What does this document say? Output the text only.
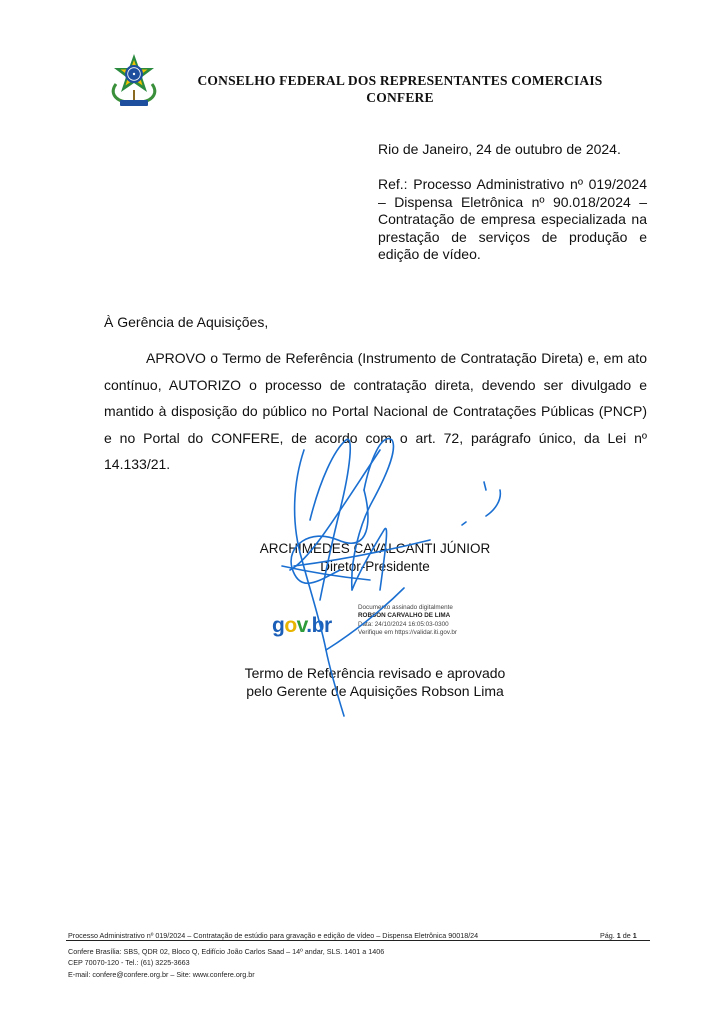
CONSELHO FEDERAL DOS REPRESENTANTES COMERCIAIS
CONFERE
Rio de Janeiro, 24 de outubro de 2024.
Ref.: Processo Administrativo nº 019/2024 – Dispensa Eletrônica nº 90.018/2024 – Contratação de empresa especializada na prestação de serviços de produção e edição de vídeo.
À Gerência de Aquisições,
APROVO o Termo de Referência (Instrumento de Contratação Direta) e, em ato contínuo, AUTORIZO o processo de contratação direta, devendo ser divulgado e mantido à disposição do público no Portal Nacional de Contratações Públicas (PNCP) e no Portal do CONFERE, de acordo com o art. 72, parágrafo único, da Lei nº 14.133/21.
ARCHIMEDES CAVALCANTI JÚNIOR
Diretor-Presidente
gov.br
Documento assinado digitalmente
ROBSON CARVALHO DE LIMA
Data: 24/10/2024 16:05:03-0300
Verifique em https://validar.iti.gov.br
Termo de Referência revisado e aprovado
pelo Gerente de Aquisições Robson Lima
Processo Administrativo nº 019/2024 – Contratação de estúdio para gravação e edição de vídeo – Dispensa Eletrônica 90018/24	Pág. 1 de 1
Confere Brasília: SBS, QDR 02, Bloco Q, Edifício João Carlos Saad – 14º andar, SLS. 1401 a 1406
CEP 70070-120 - Tel.: (61) 3225-3663
E-mail: confere@confere.org.br – Site: www.confere.org.br
